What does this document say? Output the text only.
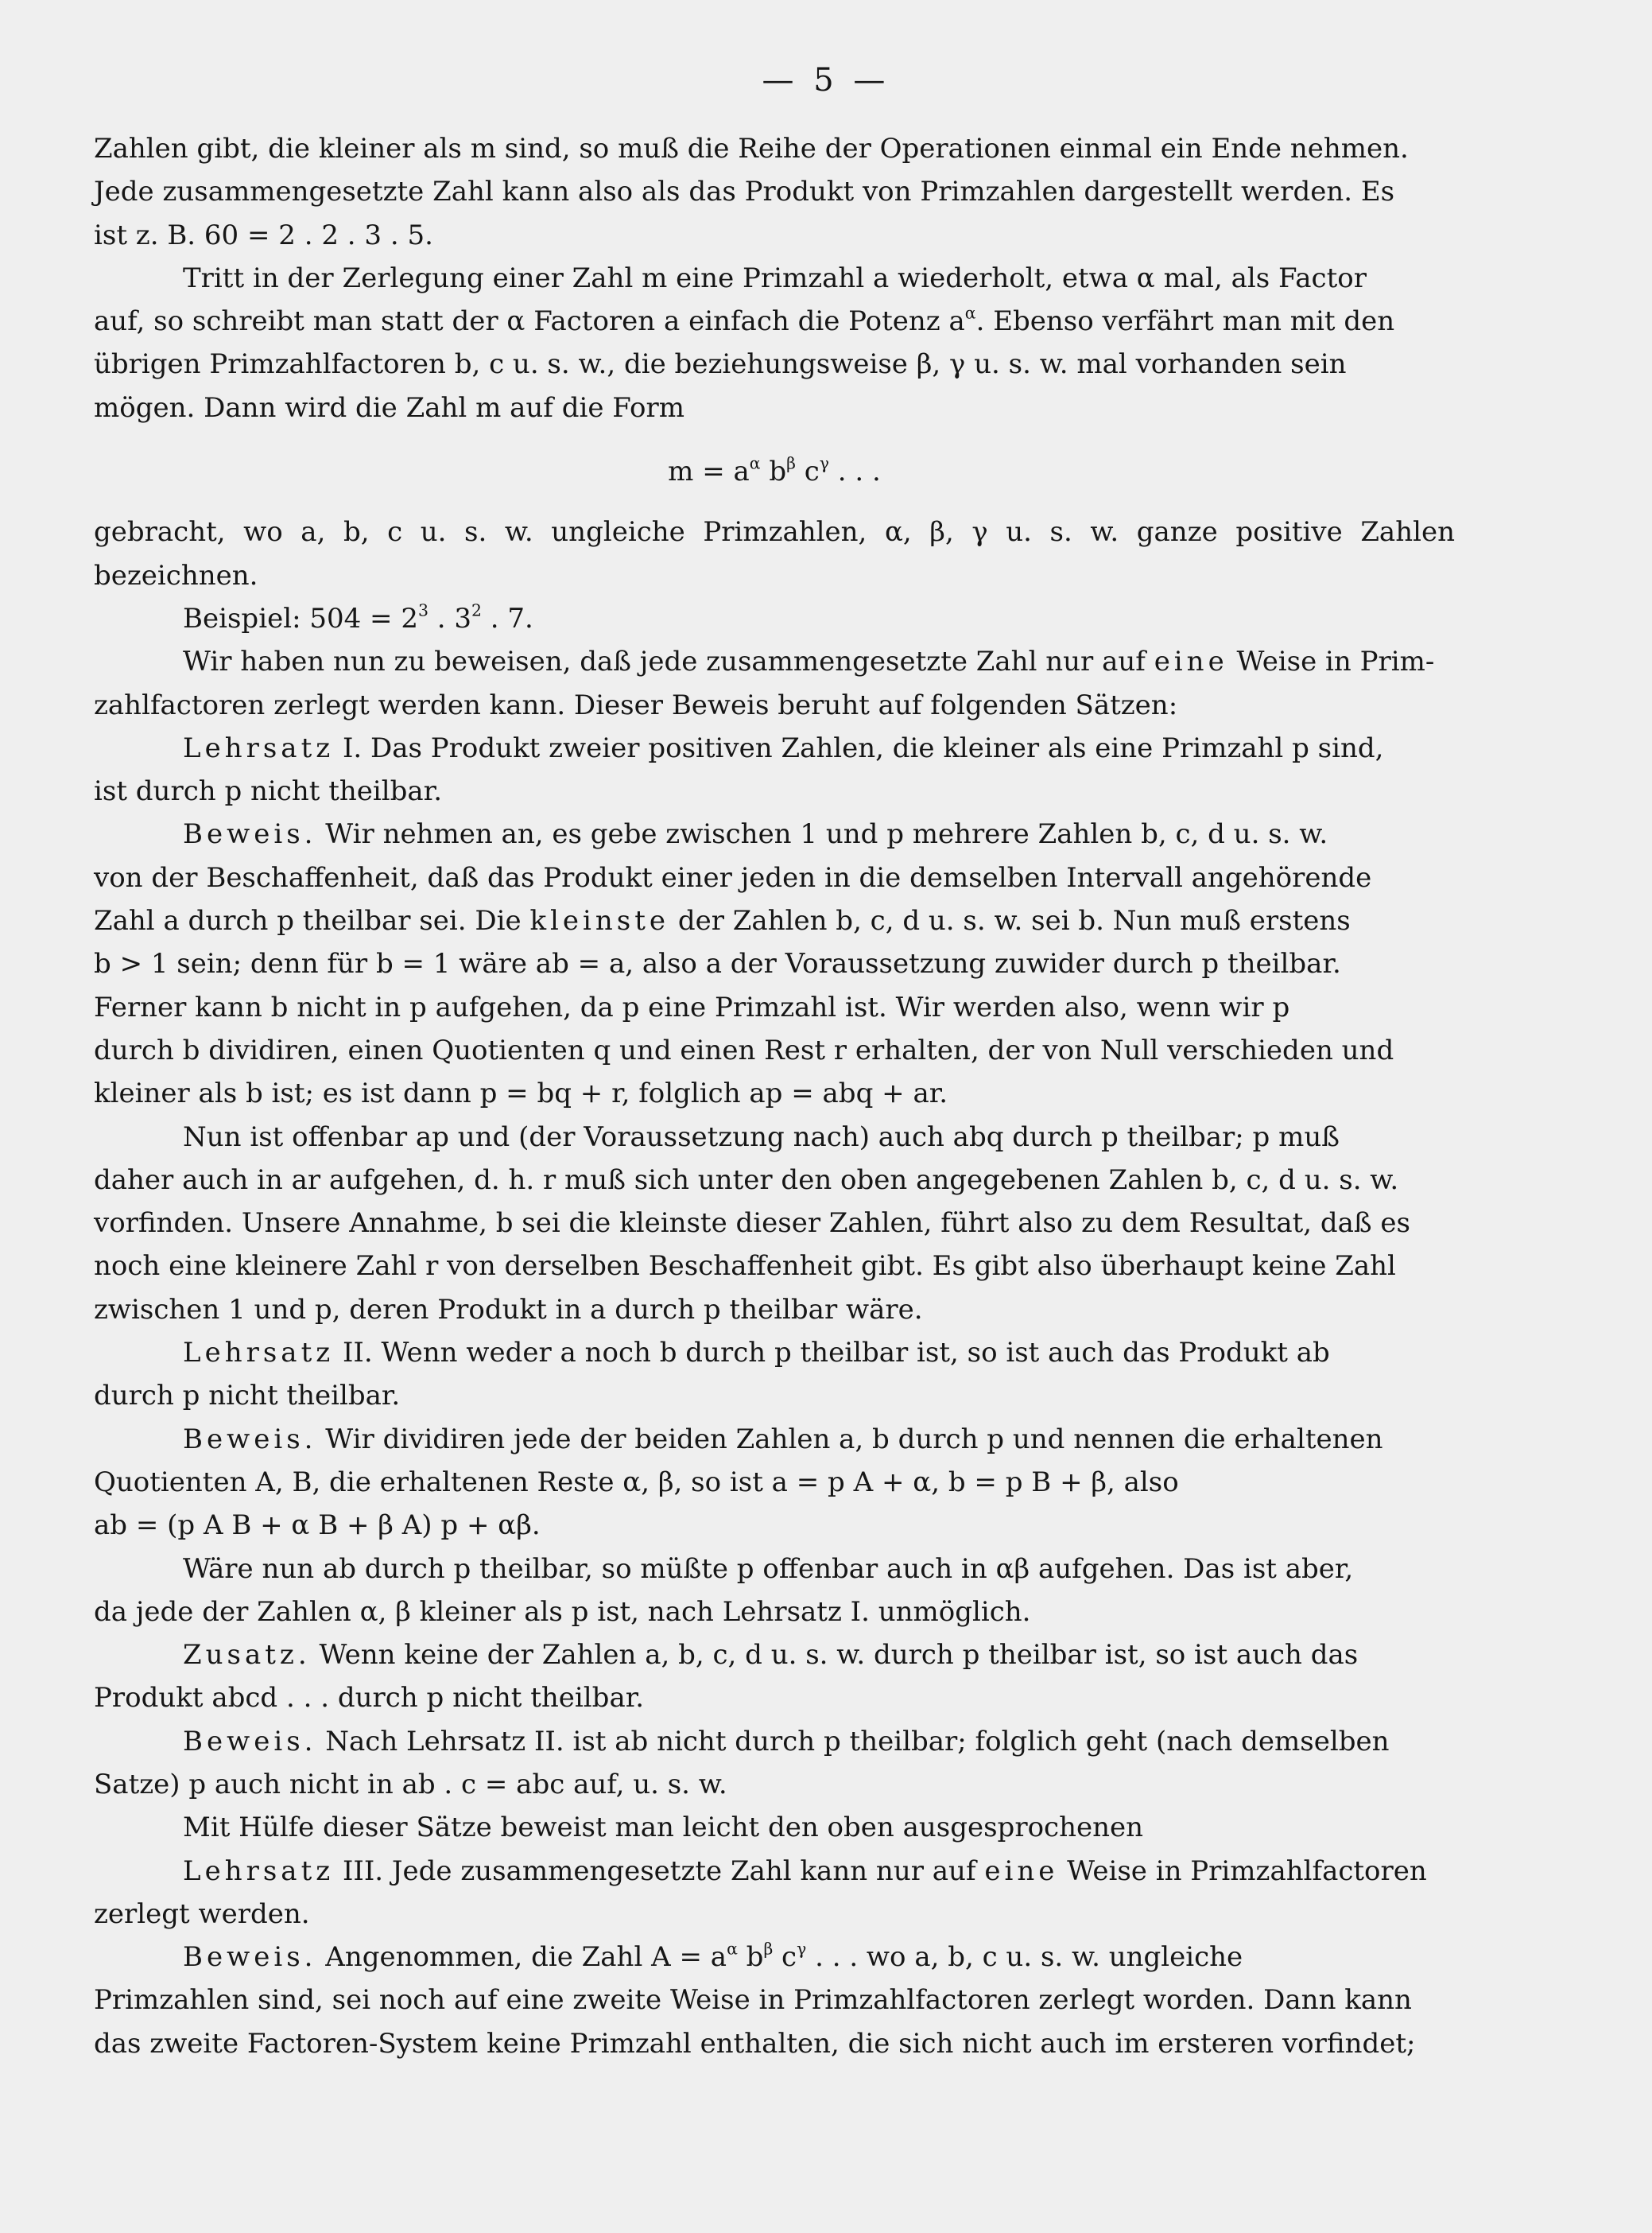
— 5 —

Zahlen gibt, die kleiner als m sind, so muß die Reihe der Operationen einmal ein Ende nehmen.

Jede zusammengesetzte Zahl kann also als das Produkt von Primzahlen dargestellt werden. Es

ist z. B. 60 = 2 . 2 . 3 . 5.

Tritt in der Zerlegung einer Zahl m eine Primzahl a wiederholt, etwa α mal, als Factor

auf, so schreibt man statt der α Factoren a einfach die Potenz $a^\alpha$. Ebenso verfährt man mit den

übrigen Primzahlfactoren b, c u. s. w., die beziehungsweise β, γ u. s. w. mal vorhanden sein

mögen. Dann wird die Zahl m auf die Form

$m = a^\alpha$ $b^\beta$ $c^\gamma$ . . .

gebracht, wo a, b, c u. s. w. ungleiche Primzahlen, α, β, γ u. s. w. ganze positive Zahlen bezeichnen.

Beispiel: $504 = 2^3$ . $3^2$ . 7.

Wir haben nun zu beweisen, daß jede zusammengesetzte Zahl nur auf eine Weise in Prim-

zahlfactoren zerlegt werden kann. Dieser Beweis beruht auf folgenden Sätzen:

Lehrsatz I. Das Produkt zweier positiven Zahlen, die kleiner als eine Primzahl p sind,

ist durch p nicht theilbar.

Beweis. Wir nehmen an, es gebe zwischen 1 und p mehrere Zahlen b, c, d u. s. w.

von der Beschaffenheit, daß das Produkt einer jeden in die demselben Intervall angehörende

Zahl a durch p theilbar sei. Die kleinste der Zahlen b, c, d u. s. w. sei b. Nun muß erstens

b > 1 sein; denn für b = 1 wäre ab = a, also a der Voraussetzung zuwider durch p theilbar.

Ferner kann b nicht in p aufgehen, da p eine Primzahl ist. Wir werden also, wenn wir p

durch b dividiren, einen Quotienten q und einen Rest r erhalten, der von Null verschieden und

kleiner als b ist; es ist dann p = bq + r, folglich ap = abq + ar.

Nun ist offenbar ap und (der Voraussetzung nach) auch abq durch p theilbar; p muß

daher auch in ar aufgehen, d. h. r muß sich unter den oben angegebenen Zahlen b, c, d u. s. w.

vorfinden. Unsere Annahme, b sei die kleinste dieser Zahlen, führt also zu dem Resultat, daß es

noch eine kleinere Zahl r von derselben Beschaffenheit gibt. Es gibt also überhaupt keine Zahl

zwischen 1 und p, deren Produkt in a durch p theilbar wäre.

Lehrsatz II. Wenn weder a noch b durch p theilbar ist, so ist auch das Produkt ab

durch p nicht theilbar.

Beweis. Wir dividiren jede der beiden Zahlen a, b durch p und nennen die erhaltenen

Quotienten A, B, die erhaltenen Reste α, β, so ist a = p A + α, b = p B + β, also

ab = (p A B + α B + β A) p + αβ.

Wäre nun ab durch p theilbar, so müßte p offenbar auch in αβ aufgehen. Das ist aber,

da jede der Zahlen α, β kleiner als p ist, nach Lehrsatz I. unmöglich.

Zusatz. Wenn keine der Zahlen a, b, c, d u. s. w. durch p theilbar ist, so ist auch das

Produkt abcd . . . durch p nicht theilbar.

Beweis. Nach Lehrsatz II. ist ab nicht durch p theilbar; folglich geht (nach demselben

Satze) p auch nicht in ab . c = abc auf, u. s. w.

Mit Hülfe dieser Sätze beweist man leicht den oben ausgesprochenen

Lehrsatz III. Jede zusammengesetzte Zahl kann nur auf eine Weise in Primzahlfactoren

zerlegt werden.

Beweis. Angenommen, die Zahl $A = a^\alpha$ $b^\beta$ $c^\gamma$ . . . wo a, b, c u. s. w. ungleiche

Primzahlen sind, sei noch auf eine zweite Weise in Primzahlfactoren zerlegt worden. Dann kann

das zweite Factoren-System keine Primzahl enthalten, die sich nicht auch im ersteren vorfindet;
